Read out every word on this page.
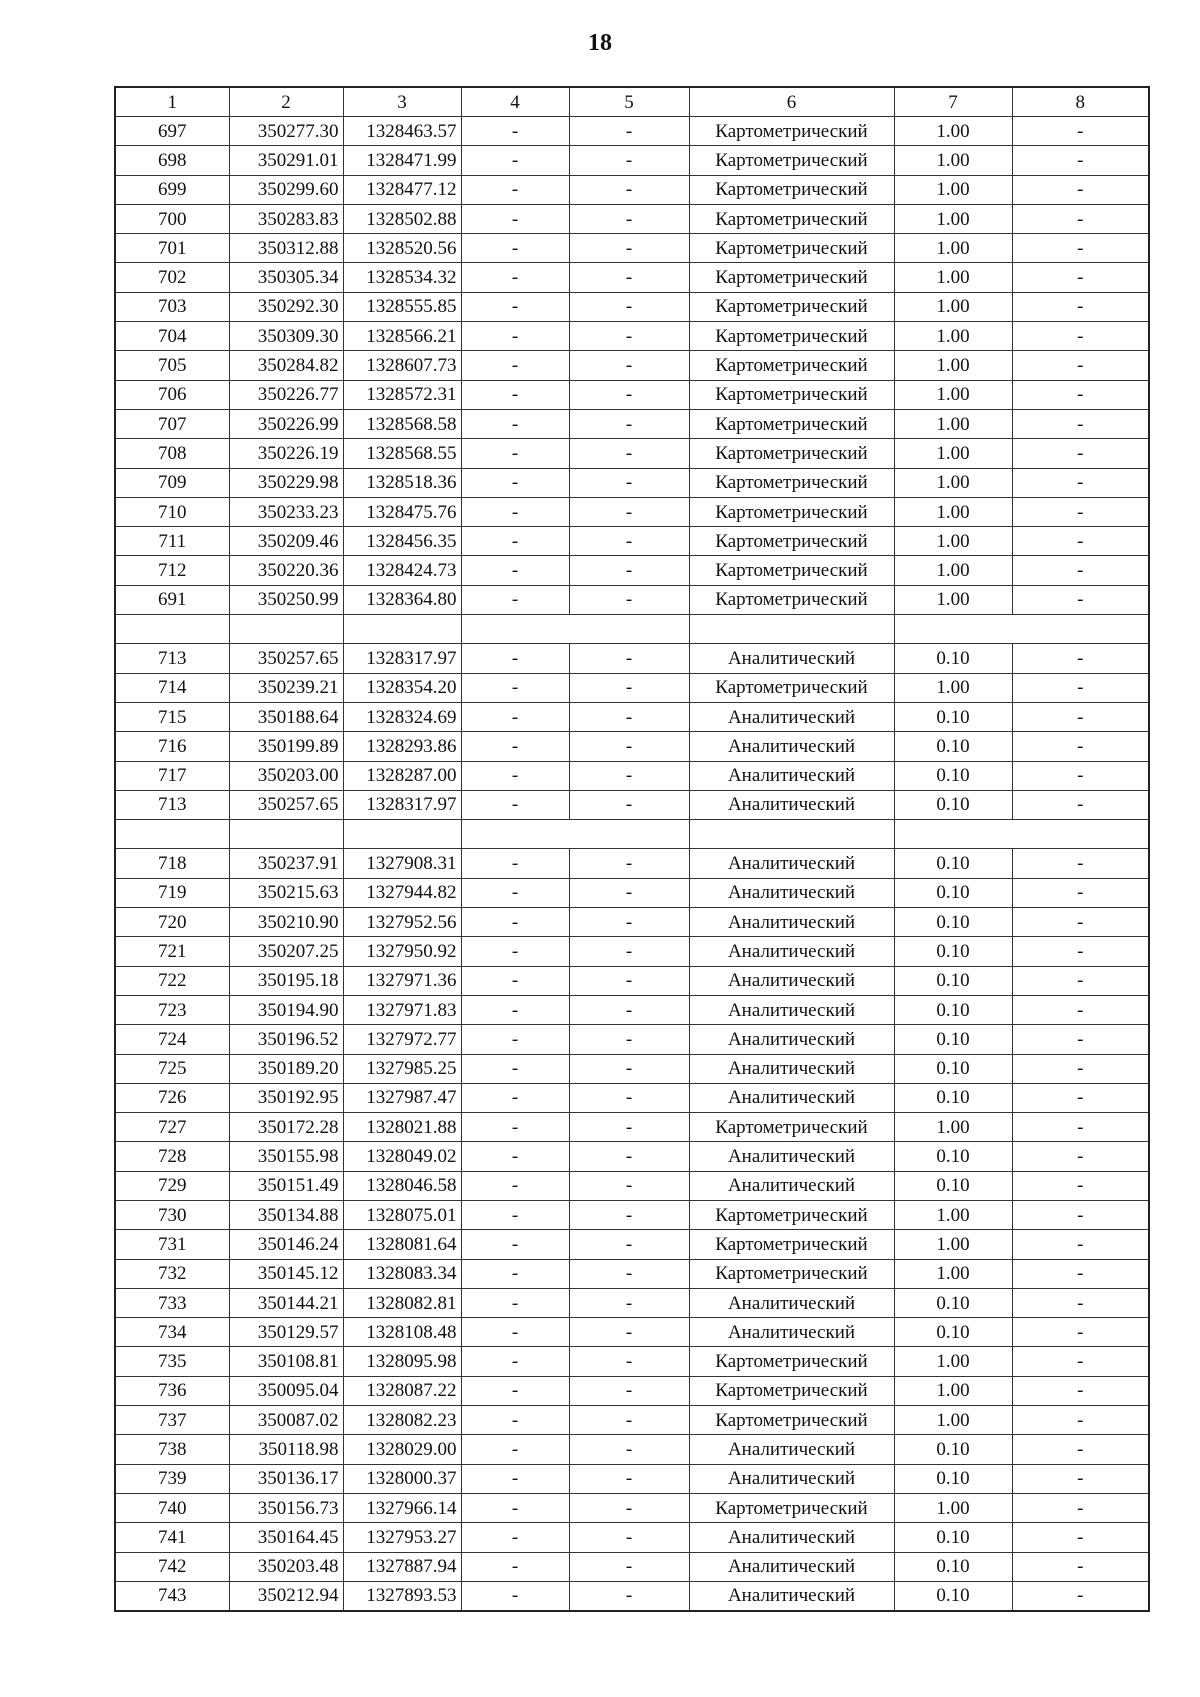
18
1	2	3	4	5	6	7	8
697	350277.30	1328463.57	-	-	Картометрический	1.00	-
698	350291.01	1328471.99	-	-	Картометрический	1.00	-
699	350299.60	1328477.12	-	-	Картометрический	1.00	-
700	350283.83	1328502.88	-	-	Картометрический	1.00	-
701	350312.88	1328520.56	-	-	Картометрический	1.00	-
702	350305.34	1328534.32	-	-	Картометрический	1.00	-
703	350292.30	1328555.85	-	-	Картометрический	1.00	-
704	350309.30	1328566.21	-	-	Картометрический	1.00	-
705	350284.82	1328607.73	-	-	Картометрический	1.00	-
706	350226.77	1328572.31	-	-	Картометрический	1.00	-
707	350226.99	1328568.58	-	-	Картометрический	1.00	-
708	350226.19	1328568.55	-	-	Картометрический	1.00	-
709	350229.98	1328518.36	-	-	Картометрический	1.00	-
710	350233.23	1328475.76	-	-	Картометрический	1.00	-
711	350209.46	1328456.35	-	-	Картометрический	1.00	-
712	350220.36	1328424.73	-	-	Картометрический	1.00	-
691	350250.99	1328364.80	-	-	Картометрический	1.00	-

713	350257.65	1328317.97	-	-	Аналитический	0.10	-
714	350239.21	1328354.20	-	-	Картометрический	1.00	-
715	350188.64	1328324.69	-	-	Аналитический	0.10	-
716	350199.89	1328293.86	-	-	Аналитический	0.10	-
717	350203.00	1328287.00	-	-	Аналитический	0.10	-
713	350257.65	1328317.97	-	-	Аналитический	0.10	-

718	350237.91	1327908.31	-	-	Аналитический	0.10	-
719	350215.63	1327944.82	-	-	Аналитический	0.10	-
720	350210.90	1327952.56	-	-	Аналитический	0.10	-
721	350207.25	1327950.92	-	-	Аналитический	0.10	-
722	350195.18	1327971.36	-	-	Аналитический	0.10	-
723	350194.90	1327971.83	-	-	Аналитический	0.10	-
724	350196.52	1327972.77	-	-	Аналитический	0.10	-
725	350189.20	1327985.25	-	-	Аналитический	0.10	-
726	350192.95	1327987.47	-	-	Аналитический	0.10	-
727	350172.28	1328021.88	-	-	Картометрический	1.00	-
728	350155.98	1328049.02	-	-	Аналитический	0.10	-
729	350151.49	1328046.58	-	-	Аналитический	0.10	-
730	350134.88	1328075.01	-	-	Картометрический	1.00	-
731	350146.24	1328081.64	-	-	Картометрический	1.00	-
732	350145.12	1328083.34	-	-	Картометрический	1.00	-
733	350144.21	1328082.81	-	-	Аналитический	0.10	-
734	350129.57	1328108.48	-	-	Аналитический	0.10	-
735	350108.81	1328095.98	-	-	Картометрический	1.00	-
736	350095.04	1328087.22	-	-	Картометрический	1.00	-
737	350087.02	1328082.23	-	-	Картометрический	1.00	-
738	350118.98	1328029.00	-	-	Аналитический	0.10	-
739	350136.17	1328000.37	-	-	Аналитический	0.10	-
740	350156.73	1327966.14	-	-	Картометрический	1.00	-
741	350164.45	1327953.27	-	-	Аналитический	0.10	-
742	350203.48	1327887.94	-	-	Аналитический	0.10	-
743	350212.94	1327893.53	-	-	Аналитический	0.10	-
